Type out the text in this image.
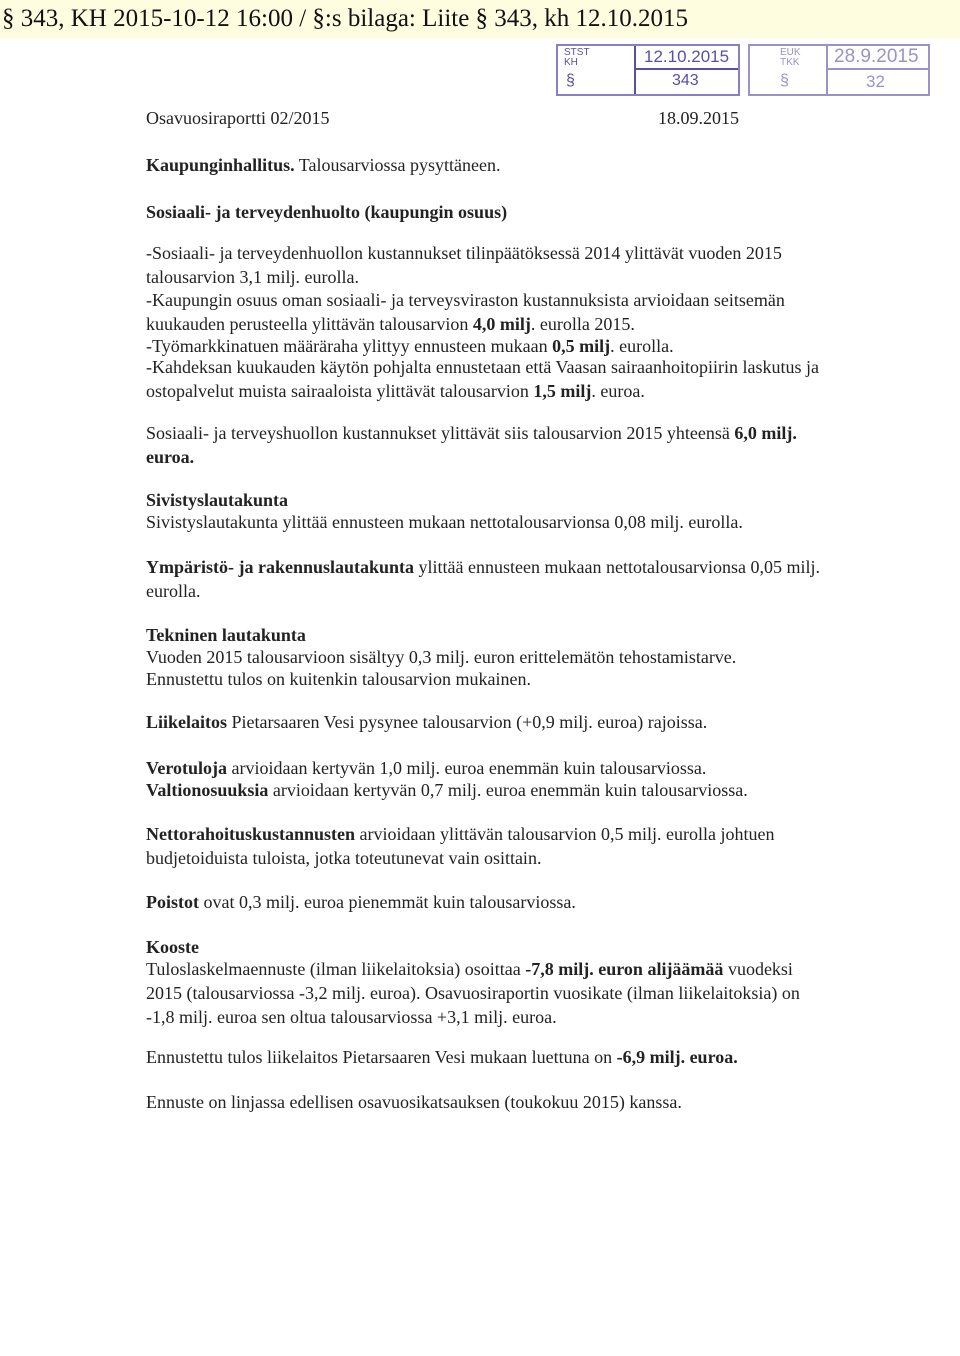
§ 343, KH 2015-10-12 16:00 / §:s bilaga: Liite § 343, kh 12.10.2015
STST
KH	12.10.2015
§	343
EUK
TKK 28.9.2015
§	32

Osavuosiraportti 02/2015	18.09.2015

Kaupunginhallitus. Talousarviossa pysyttäneen.

Sosiaali- ja terveydenhuolto (kaupungin osuus)

-Sosiaali- ja terveydenhuollon kustannukset tilinpäätöksessä 2014 ylittävät vuoden 2015 talousarvion 3,1 milj. eurolla.

-Kaupungin osuus oman sosiaali- ja terveysviraston kustannuksista arvioidaan seitsemän kuukauden perusteella ylittävän talousarvion 4,0 milj. eurolla 2015.

-Työmarkkinatuen määräraha ylittyy ennusteen mukaan 0,5 milj. eurolla.

-Kahdeksan kuukauden käytön pohjalta ennustetaan että Vaasan sairaanhoitopiirin laskutus ja ostopalvelut muista sairaaloista ylittävät talousarvion 1,5 milj. euroa.

Sosiaali- ja terveyshuollon kustannukset ylittävät siis talousarvion 2015 yhteensä 6,0 milj. euroa.

Sivistyslautakunta

Sivistyslautakunta ylittää ennusteen mukaan nettotalousarvionsa 0,08 milj. eurolla.

Ympäristö- ja rakennuslautakunta ylittää ennusteen mukaan nettotalousarvionsa 0,05 milj. eurolla.

Tekninen lautakunta

Vuoden 2015 talousarvioon sisältyy 0,3 milj. euron erittelemätön tehostamistarve.

Ennustettu tulos on kuitenkin talousarvion mukainen.

Liikelaitos Pietarsaaren Vesi pysynee talousarvion (+0,9 milj. euroa) rajoissa.

Verotuloja arvioidaan kertyvän 1,0 milj. euroa enemmän kuin talousarviossa.

Valtionosuuksia arvioidaan kertyvän 0,7 milj. euroa enemmän kuin talousarviossa.

Nettorahoituskustannusten arvioidaan ylittävän talousarvion 0,5 milj. eurolla johtuen budjetoiduista tuloista, jotka toteutunevat vain osittain.

Poistot ovat 0,3 milj. euroa pienemmät kuin talousarviossa.

Kooste

Tuloslaskelmaennuste (ilman liikelaitoksia) osoittaa -7,8 milj. euron alijäämää vuodeksi 2015 (talousarviossa -3,2 milj. euroa). Osavuosiraportin vuosikate (ilman liikelaitoksia) on -1,8 milj. euroa sen oltua talousarviossa +3,1 milj. euroa.

Ennustettu tulos liikelaitos Pietarsaaren Vesi mukaan luettuna on -6,9 milj. euroa.

Ennuste on linjassa edellisen osavuosikatsauksen (toukokuu 2015) kanssa.
